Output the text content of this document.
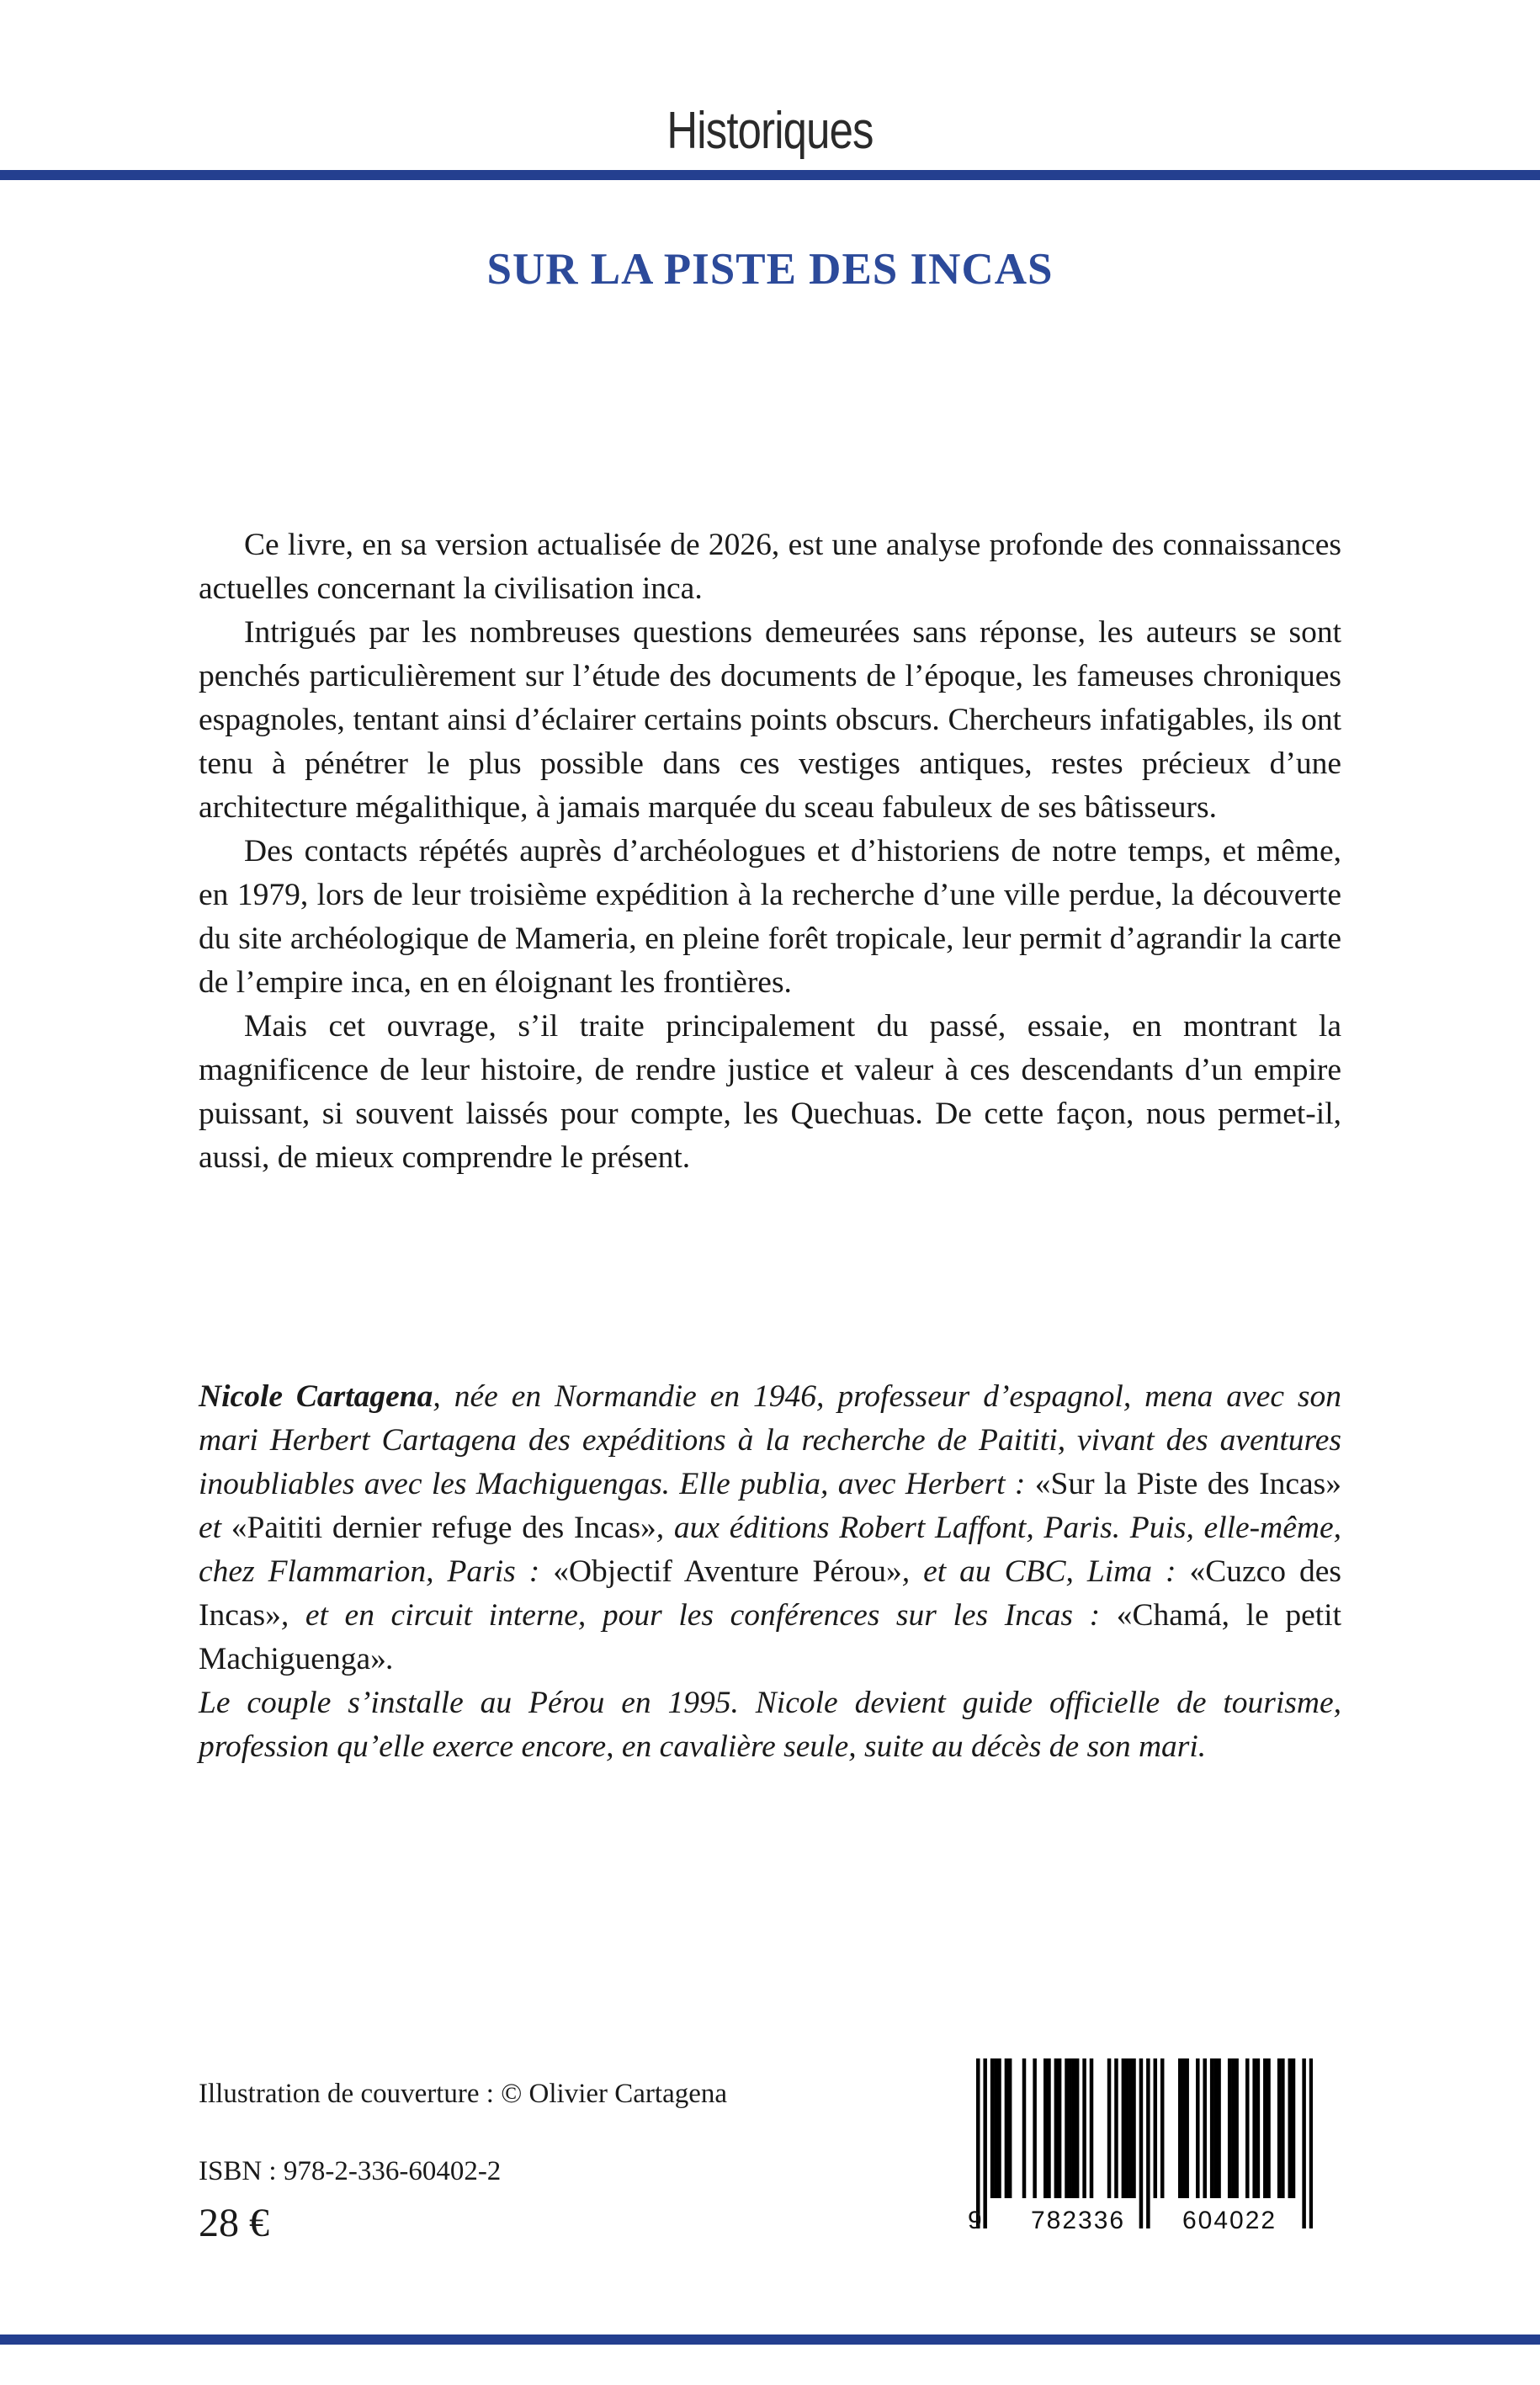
Historiques
SUR LA PISTE DES INCAS

Ce livre, en sa version actualisée de 2026, est une analyse profonde des connaissances actuelles concernant la civilisation inca.

Intrigués par les nombreuses questions demeurées sans réponse, les auteurs se sont penchés particulièrement sur l’étude des documents de l’époque, les fameuses chroniques espagnoles, tentant ainsi d’éclairer certains points obscurs. Chercheurs infatigables, ils ont tenu à pénétrer le plus possible dans ces vestiges antiques, restes précieux d’une architecture mégalithique, à jamais marquée du sceau fabuleux de ses bâtisseurs.

Des contacts répétés auprès d’archéologues et d’historiens de notre temps, et même, en 1979, lors de leur troisième expédition à la recherche d’une ville perdue, la découverte du site archéologique de Mameria, en pleine forêt tropicale, leur permit d’agrandir la carte de l’empire inca, en en éloignant les frontières.

Mais cet ouvrage, s’il traite principalement du passé, essaie, en montrant la magnificence de leur histoire, de rendre justice et valeur à ces descendants d’un empire puissant, si souvent laissés pour compte, les Quechuas. De cette façon, nous permet-il, aussi, de mieux comprendre le présent.

Nicole Cartagena, née en Normandie en 1946, professeur d’espagnol, mena avec son mari Herbert Cartagena des expéditions à la recherche de Paititi, vivant des aventures inoubliables avec les Machiguengas. Elle publia, avec Herbert : «Sur la Piste des Incas» et «Paititi dernier refuge des Incas», aux éditions Robert Laffont, Paris. Puis, elle-même, chez Flammarion, Paris : «Objectif Aventure Pérou», et au CBC, Lima : «Cuzco des Incas», et en circuit interne, pour les conférences sur les Incas : «Chamá, le petit Machiguenga».

Le couple s’installe au Pérou en 1995. Nicole devient guide officielle de tourisme, profession qu’elle exerce encore, en cavalière seule, suite au décès de son mari.

Illustration de couverture : © Olivier Cartagena
ISBN : 978-2-336-60402-2
28 €	9 782336 604022
